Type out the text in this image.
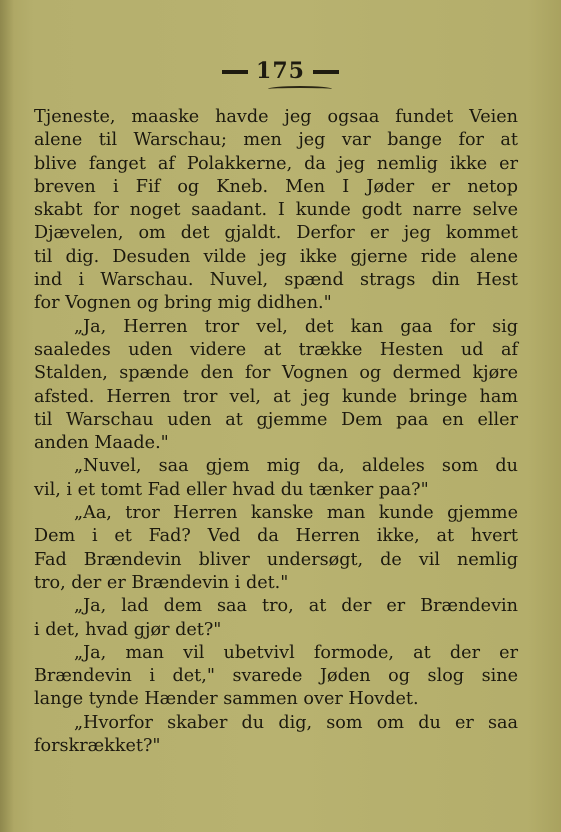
175
Tjeneste, maaske havde jeg ogsaa fundet Veien
alene til Warschau; men jeg var bange for at
blive fanget af Polakkerne, da jeg nemlig ikke er
breven i Fif og Kneb. Men I Jøder er netop
skabt for noget saadant. I kunde godt narre selve
Djævelen, om det gjaldt. Derfor er jeg kommet
til dig. Desuden vilde jeg ikke gjerne ride alene
ind i Warschau. Nuvel, spænd strags din Hest
for Vognen og bring mig didhen."
„Ja, Herren tror vel, det kan gaa for sig
saaledes uden videre at trække Hesten ud af
Stalden, spænde den for Vognen og dermed kjøre
afsted. Herren tror vel, at jeg kunde bringe ham
til Warschau uden at gjemme Dem paa en eller
anden Maade."
„Nuvel, saa gjem mig da, aldeles som du
vil, i et tomt Fad eller hvad du tænker paa?"
„Aa, tror Herren kanske man kunde gjemme
Dem i et Fad? Ved da Herren ikke, at hvert
Fad Brændevin bliver undersøgt, de vil nemlig
tro, der er Brændevin i det."
„Ja, lad dem saa tro, at der er Brændevin
i det, hvad gjør det?"
„Ja, man vil ubetvivl formode, at der er
Brændevin i det," svarede Jøden og slog sine
lange tynde Hænder sammen over Hovdet.
„Hvorfor skaber du dig, som om du er saa
forskrækket?"
